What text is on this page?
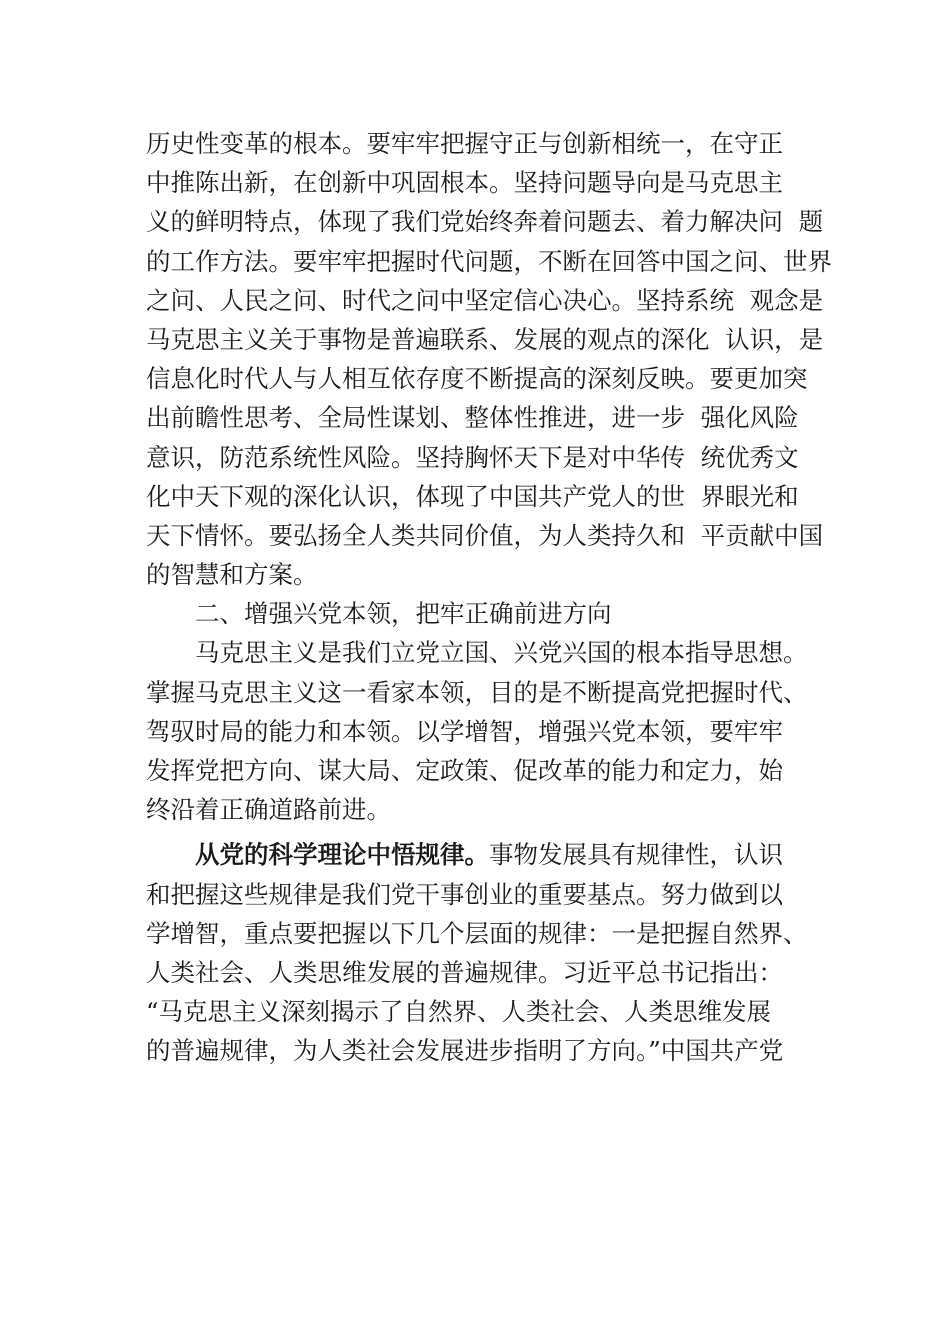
历史性变革的根本。要牢牢把握守正与创新相统一，在守正
中推陈出新，在创新中巩固根本。坚持问题导向是马克思主
义的鲜明特点，体现了我们党始终奔着问题去、着力解决问  题
的工作方法。要牢牢把握时代问题，不断在回答中国之问、世界
之问、人民之问、时代之问中坚定信心决心。坚持系统  观念是
马克思主义关于事物是普遍联系、发展的观点的深化  认识，是
信息化时代人与人相互依存度不断提高的深刻反映。要更加突
出前瞻性思考、全局性谋划、整体性推进，进一步  强化风险
意识，防范系统性风险。坚持胸怀天下是对中华传  统优秀文
化中天下观的深化认识，体现了中国共产党人的世  界眼光和
天下情怀。要弘扬全人类共同价值，为人类持久和  平贡献中国
的智慧和方案。
二、增强兴党本领，把牢正确前进方向
马克思主义是我们立党立国、兴党兴国的根本指导思想。
掌握马克思主义这一看家本领，目的是不断提高党把握时代、
驾驭时局的能力和本领。以学增智，增强兴党本领，要牢牢
发挥党把方向、谋大局、定政策、促改革的能力和定力，始
终沿着正确道路前进。
从党的科学理论中悟规律。事物发展具有规律性，认识
和把握这些规律是我们党干事创业的重要基点。努力做到以
学增智，重点要把握以下几个层面的规律：一是把握自然界、
人类社会、人类思维发展的普遍规律。习近平总书记指出：
“马克思主义深刻揭示了自然界、人类社会、人类思维发展
的普遍规律，为人类社会发展进步指明了方向。”中国共产党
